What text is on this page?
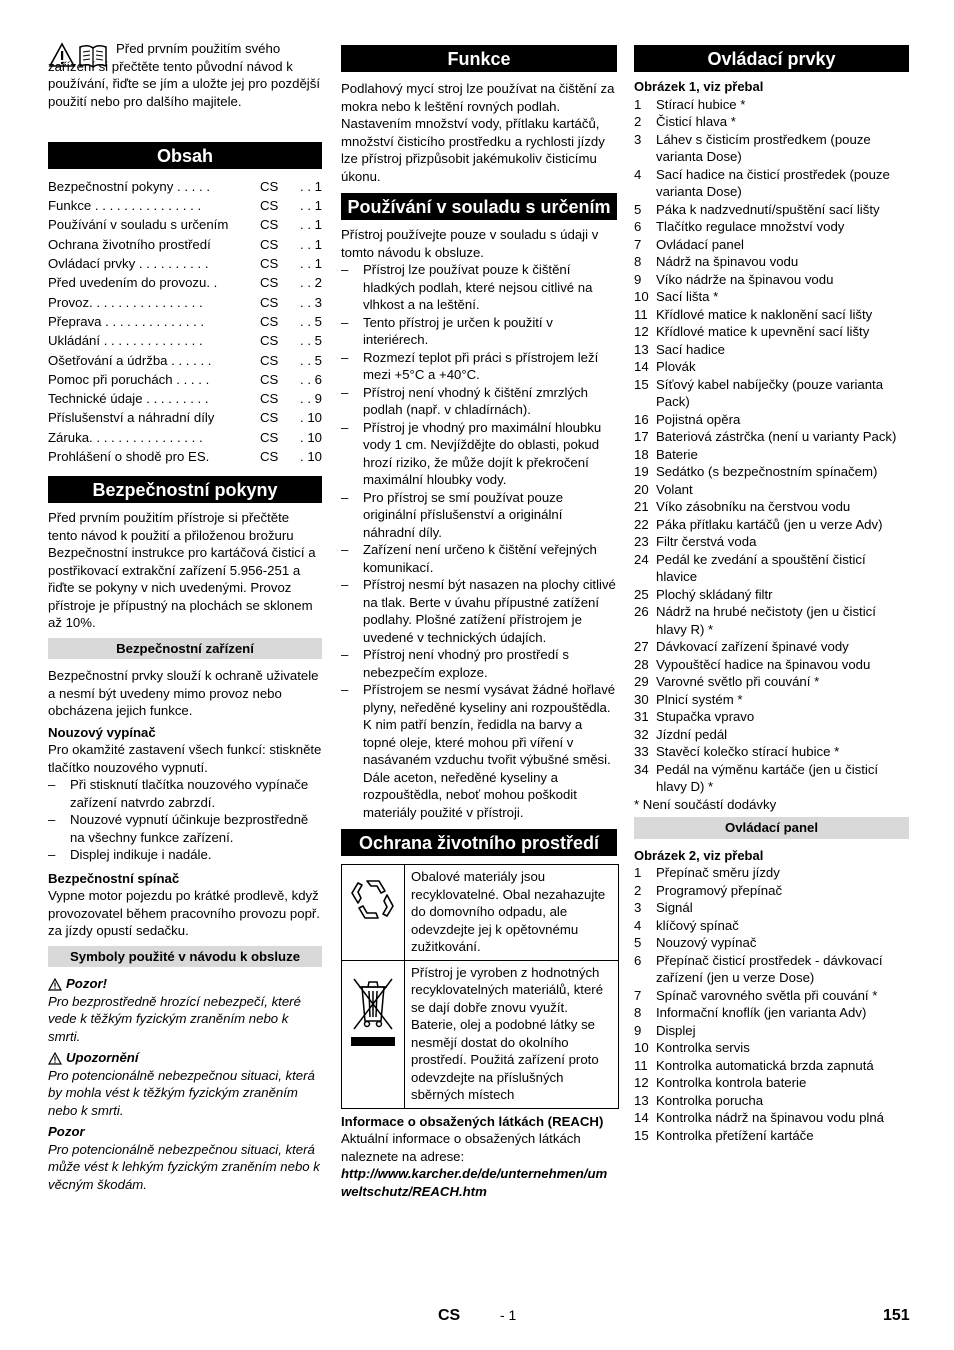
Před prvním použitím svého zařízení si přečtěte tento původní návod k používání, řiďte se jím a uložte jej pro pozdější použití nebo pro dalšího majitele.

Obsah
Bezpečnostní pokyny . . . . .	CS	. . 1
Funkce . . . . . . . . . . . . . . .	CS	. . 1
Používání v souladu s určením	CS	. . 1
Ochrana životního prostředí	CS	. . 1
Ovládací prvky . . . . . . . . . .	CS	. . 1
Před uvedením do provozu. .	CS	. . 2
Provoz. . . . . . . . . . . . . . . .	CS	. . 3
Přeprava . . . . . . . . . . . . . .	CS	. . 5
Ukládání . . . . . . . . . . . . . .	CS	. . 5
Ošetřování a údržba . . . . . .	CS	. . 5
Pomoc při poruchách . . . . .	CS	. . 6
Technické údaje . . . . . . . . .	CS	. . 9
Příslušenství a náhradní díly	CS	. 10
Záruka. . . . . . . . . . . . . . . .	CS	. 10
Prohlášení o shodě pro ES.	CS	. 10
Bezpečnostní pokyny

Před prvním použitím přístroje si přečtěte tento návod k použití a přiloženou brožuru Bezpečnostní instrukce pro kartáčová čisticí a postřikovací extrakční zařízení 5.956-251 a řiďte se pokyny v nich uvedenými. Provoz přístroje je přípustný na plochách se sklonem až 10%.

Bezpečnostní zařízení

Bezpečnostní prvky slouží k ochraně uživatele a nesmí být uvedeny mimo provoz nebo obcházena jejich funkce.

Nouzový vypínač

Pro okamžité zastavení všech funkcí: stiskněte tlačítko nouzového vypnutí.

–	Při stisknutí tlačítka nouzového vypínače zařízení natvrdo zabrzdí.
–	Nouzové vypnutí účinkuje bezprostředně na všechny funkce zařízení.
–	Displej indikuje i nadále.

Bezpečnostní spínač

Vypne motor pojezdu po krátké prodlevě, když provozovatel během pracovního provozu popř. za jízdy opustí sedačku.

Symboly použité v návodu k obsluze
Pozor!

Pro bezprostředně hrozící nebezpečí, které vede k těžkým fyzickým zraněním nebo k smrti.

Upozornění

Pro potencionálně nebezpečnou situaci, která by mohla vést k těžkým fyzickým zraněním nebo k smrti.

Pozor

Pro potencionálně nebezpečnou situaci, která může vést k lehkým fyzickým zraněním nebo k věcným škodám.

Funkce

Podlahový mycí stroj lze používat na čištění za mokra nebo k leštění rovných podlah. Nastavením množství vody, přítlaku kartáčů, množství čisticího prostředku a rychlosti jízdy lze přístroj přizpůsobit jakémukoliv čisticímu úkonu.

Používání v souladu s určením

Přístroj používejte pouze v souladu s údaji v tomto návodu k obsluze.

–	Přístroj lze používat pouze k čištění hladkých podlah, které nejsou citlivé na vlhkost a na leštění.
–	Tento přístroj je určen k použití v interiérech.
–	Rozmezí teplot při práci s přístrojem leží mezi +5°C a +40°C.
–	Přístroj není vhodný k čištění zmrzlých podlah (např. v chladírnách).
–	Přístroj je vhodný pro maximální hloubku vody 1 cm. Nevjíždějte do oblasti, pokud hrozí riziko, že může dojít k překročení maximální hloubky vody.
–	Pro přístroj se smí používat pouze originální příslušenství a originální náhradní díly.
–	Zařízení není určeno k čištění veřejných komunikací.
–	Přístroj nesmí být nasazen na plochy citlivé na tlak. Berte v úvahu přípustné zatížení podlahy. Plošné zatížení přístrojem je uvedené v technických údajích.
–	Přístroj není vhodný pro prostředí s nebezpečím exploze.
–	Přístrojem se nesmí vysávat žádné hořlavé plyny, neředěné kyseliny ani rozpouštědla.

K nim patří benzín, ředidla na barvy a topné oleje, které mohou při víření v nasávaném vzduchu tvořit výbušné směsi. Dále aceton, neředěné kyseliny a rozpouštědla, neboť mohou poškodit materiály použité v přístroji.

Ochrana životního prostředí
Obalové materiály jsou recyklovatelné. Obal nezahazujte do domovního odpadu, ale odevzdejte jej k opětovnému zužitkování.
Přístroj je vyroben z hodnotných recyklovatelných materiálů, které se dají dobře znovu využít. Baterie, olej a podobné látky se nesmějí dostat do okolního prostředí. Použitá zařízení proto odevzdejte na příslušných sběrných místech

Informace o obsažených látkách (REACH)

Aktuální informace o obsažených látkách naleznete na adrese:

http://www.karcher.de/de/unternehmen/umweltschutz/REACH.htm

Ovládací prvky

Obrázek 1, viz přebal

1	Stírací hubice *
2	Čisticí hlava *
3	Láhev s čisticím prostředkem (pouze varianta Dose)
4	Sací hadice na čisticí prostředek (pouze varianta Dose)
5	Páka k nadzvednutí/spuštění sací lišty
6	Tlačítko regulace množství vody
7	Ovládací panel
8	Nádrž na špinavou vodu
9	Víko nádrže na špinavou vodu
10 Sací lišta *
11 Křídlové matice k naklonění sací lišty
12 Křídlové matice k upevnění sací lišty
13 Sací hadice
14 Plovák
15 Síťový kabel nabíječky (pouze varianta Pack)
16 Pojistná opěra
17 Bateriová zástrčka (není u varianty Pack)
18 Baterie
19 Sedátko (s bezpečnostním spínačem)
20 Volant
21 Víko zásobníku na čerstvou vodu
22 Páka přítlaku kartáčů (jen u verze Adv)
23 Filtr čerstvá voda
24 Pedál ke zvedání a spouštění čisticí hlavice
25 Plochý skládaný filtr
26 Nádrž na hrubé nečistoty (jen u čisticí hlavy R) *
27 Dávkovací zařízení špinavé vody
28 Vypouštěcí hadice na špinavou vodu
29 Varovné světlo při couvání *
30 Plnicí systém *
31 Stupačka vpravo
32 Jízdní pedál
33 Stavěcí kolečko stírací hubice *
34 Pedál na výměnu kartáče (jen u čisticí hlavy D) *

* Není součástí dodávky

Ovládací panel

Obrázek 2, viz přebal

1	Přepínač směru jízdy
2	Programový přepínač
3	Signál
4	klíčový spínač
5	Nouzový vypínač
6	Přepínač čisticí prostředek - dávkovací zařízení (jen u verze Dose)
7	Spínač varovného světla při couvání *
8	Informační knoflík (jen varianta Adv)
9	Displej
10 Kontrolka servis
11 Kontrolka automatická brzda zapnutá
12 Kontrolka kontrola baterie
13 Kontrolka porucha
14 Kontrolka nádrž na špinavou vodu plná
15 Kontrolka přetížení kartáče
CS	- 1	151
